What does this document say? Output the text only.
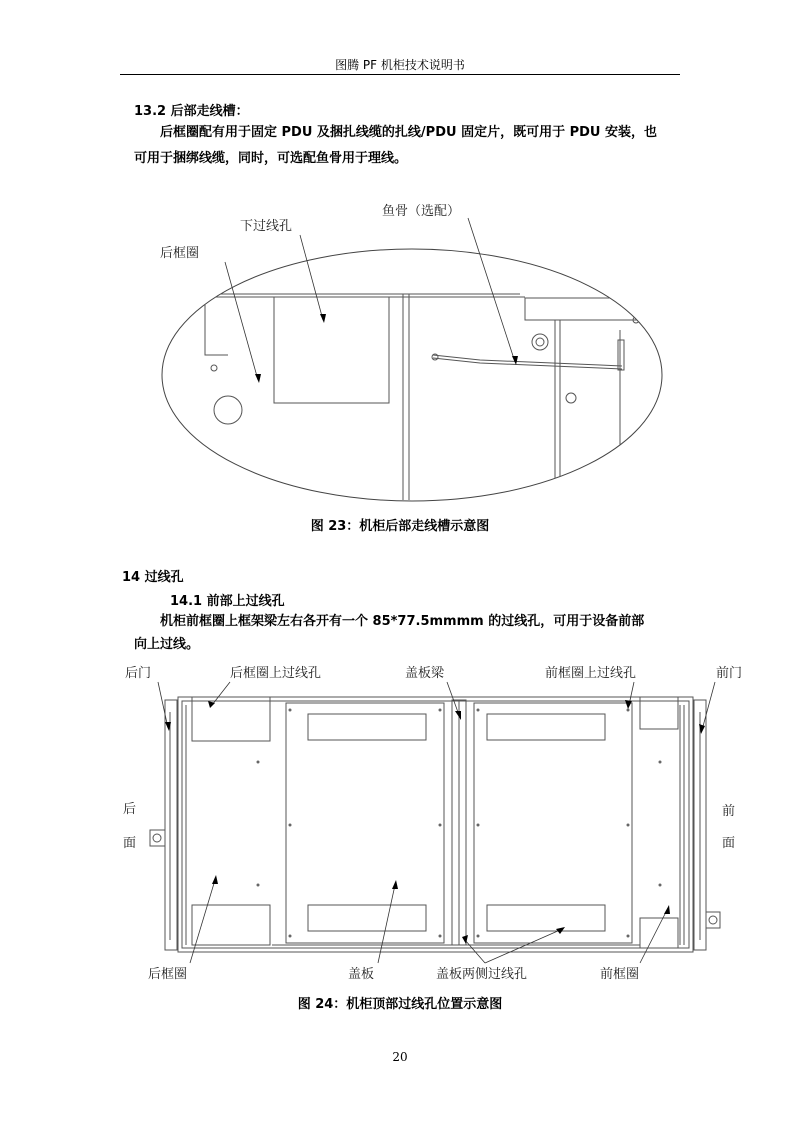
图腾 PF 机柜技术说明书
13.2 后部走线槽：
后框圈配有用于固定 PDU 及捆扎线缆的扎线/PDU 固定片，既可用于 PDU 安装，也
可用于捆绑线缆，同时，可选配鱼骨用于理线。
后框圈
下过线孔
鱼骨（选配）
图 23：机柜后部走线槽示意图
14 过线孔
14.1 前部上过线孔
机柜前框圈上框架梁左右各开有一个 85*77.5mmmm 的过线孔，可用于设备前部
向上过线。
后门	后框圈上过线孔	盖板梁	前框圈上过线孔	前门
后
面
前
面
后框圈	盖板	盖板两侧过线孔	前框圈
图 24：机柜顶部过线孔位置示意图
20
